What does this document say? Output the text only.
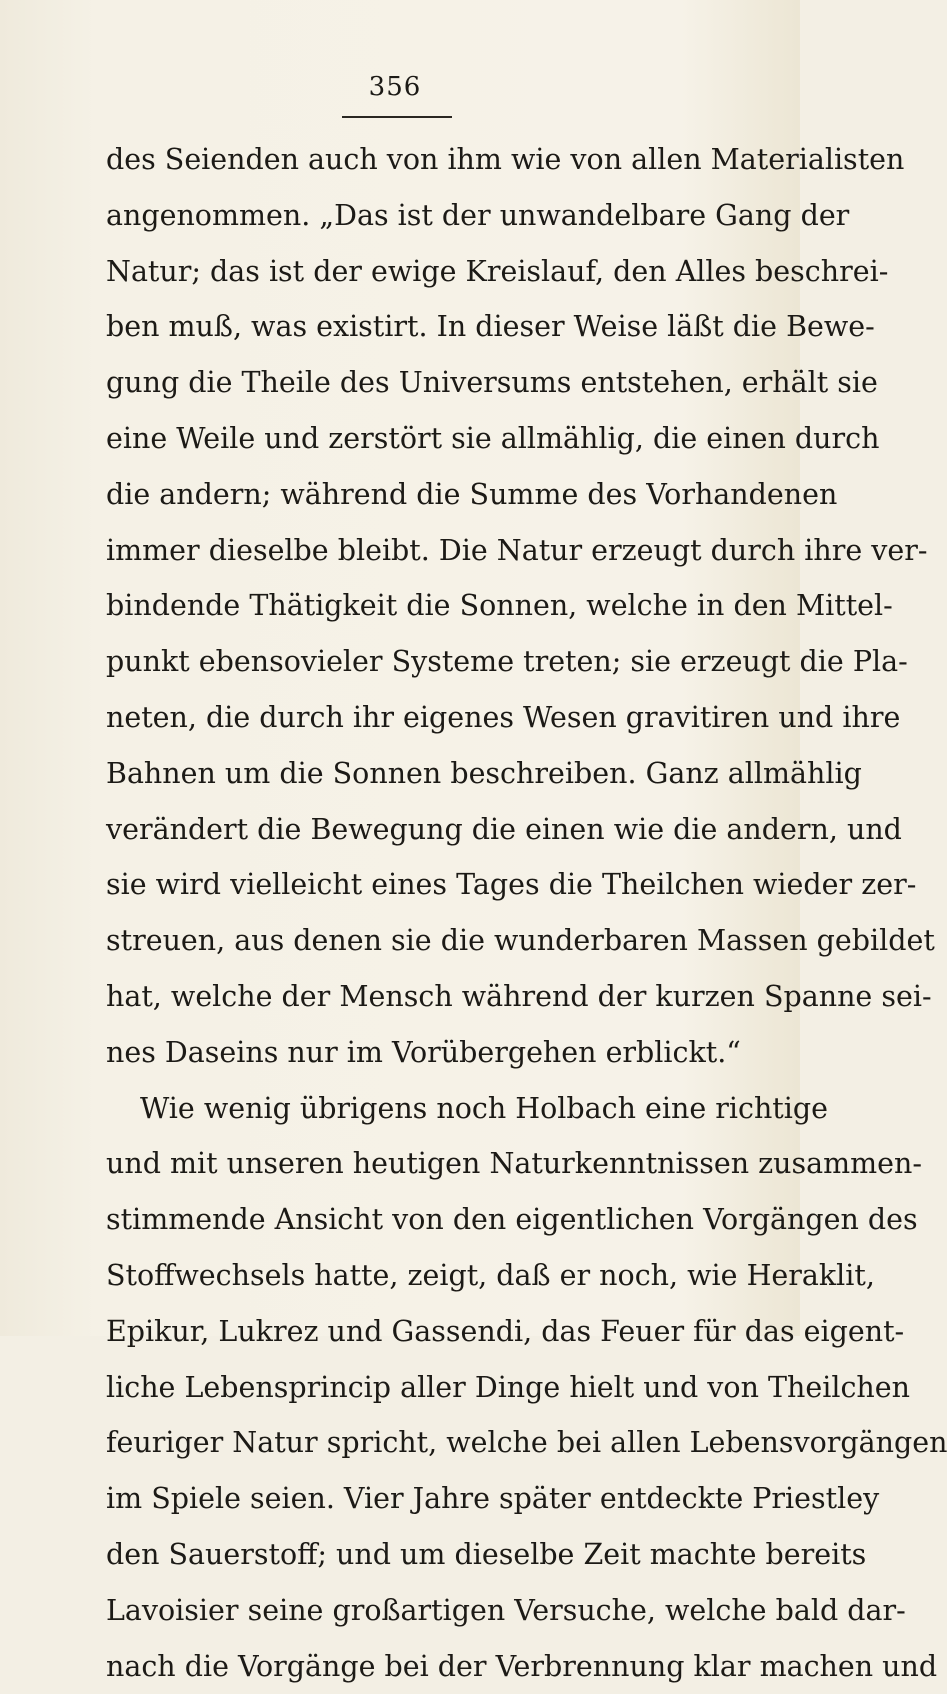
356
des Seienden auch von ihm wie von allen Materialisten
angenommen. „Das ist der unwandelbare Gang der
Natur; das ist der ewige Kreislauf, den Alles beschrei-
ben muß, was existirt. In dieser Weise läßt die Bewe-
gung die Theile des Universums entstehen, erhält sie
eine Weile und zerstört sie allmählig, die einen durch
die andern; während die Summe des Vorhandenen
immer dieselbe bleibt. Die Natur erzeugt durch ihre ver-
bindende Thätigkeit die Sonnen, welche in den Mittel-
punkt ebensovieler Systeme treten; sie erzeugt die Pla-
neten, die durch ihr eigenes Wesen gravitiren und ihre
Bahnen um die Sonnen beschreiben. Ganz allmählig
verändert die Bewegung die einen wie die andern, und
sie wird vielleicht eines Tages die Theilchen wieder zer-
streuen, aus denen sie die wunderbaren Massen gebildet
hat, welche der Mensch während der kurzen Spanne sei-
nes Daseins nur im Vorübergehen erblickt.“
Wie wenig übrigens noch Holbach eine richtige
und mit unseren heutigen Naturkenntnissen zusammen-
stimmende Ansicht von den eigentlichen Vorgängen des
Stoffwechsels hatte, zeigt, daß er noch, wie Heraklit,
Epikur, Lukrez und Gassendi, das Feuer für das eigent-
liche Lebensprincip aller Dinge hielt und von Theilchen
feuriger Natur spricht, welche bei allen Lebensvorgängen
im Spiele seien. Vier Jahre später entdeckte Priestley
den Sauerstoff; und um dieselbe Zeit machte bereits
Lavoisier seine großartigen Versuche, welche bald dar-
nach die Vorgänge bei der Verbrennung klar machen und
